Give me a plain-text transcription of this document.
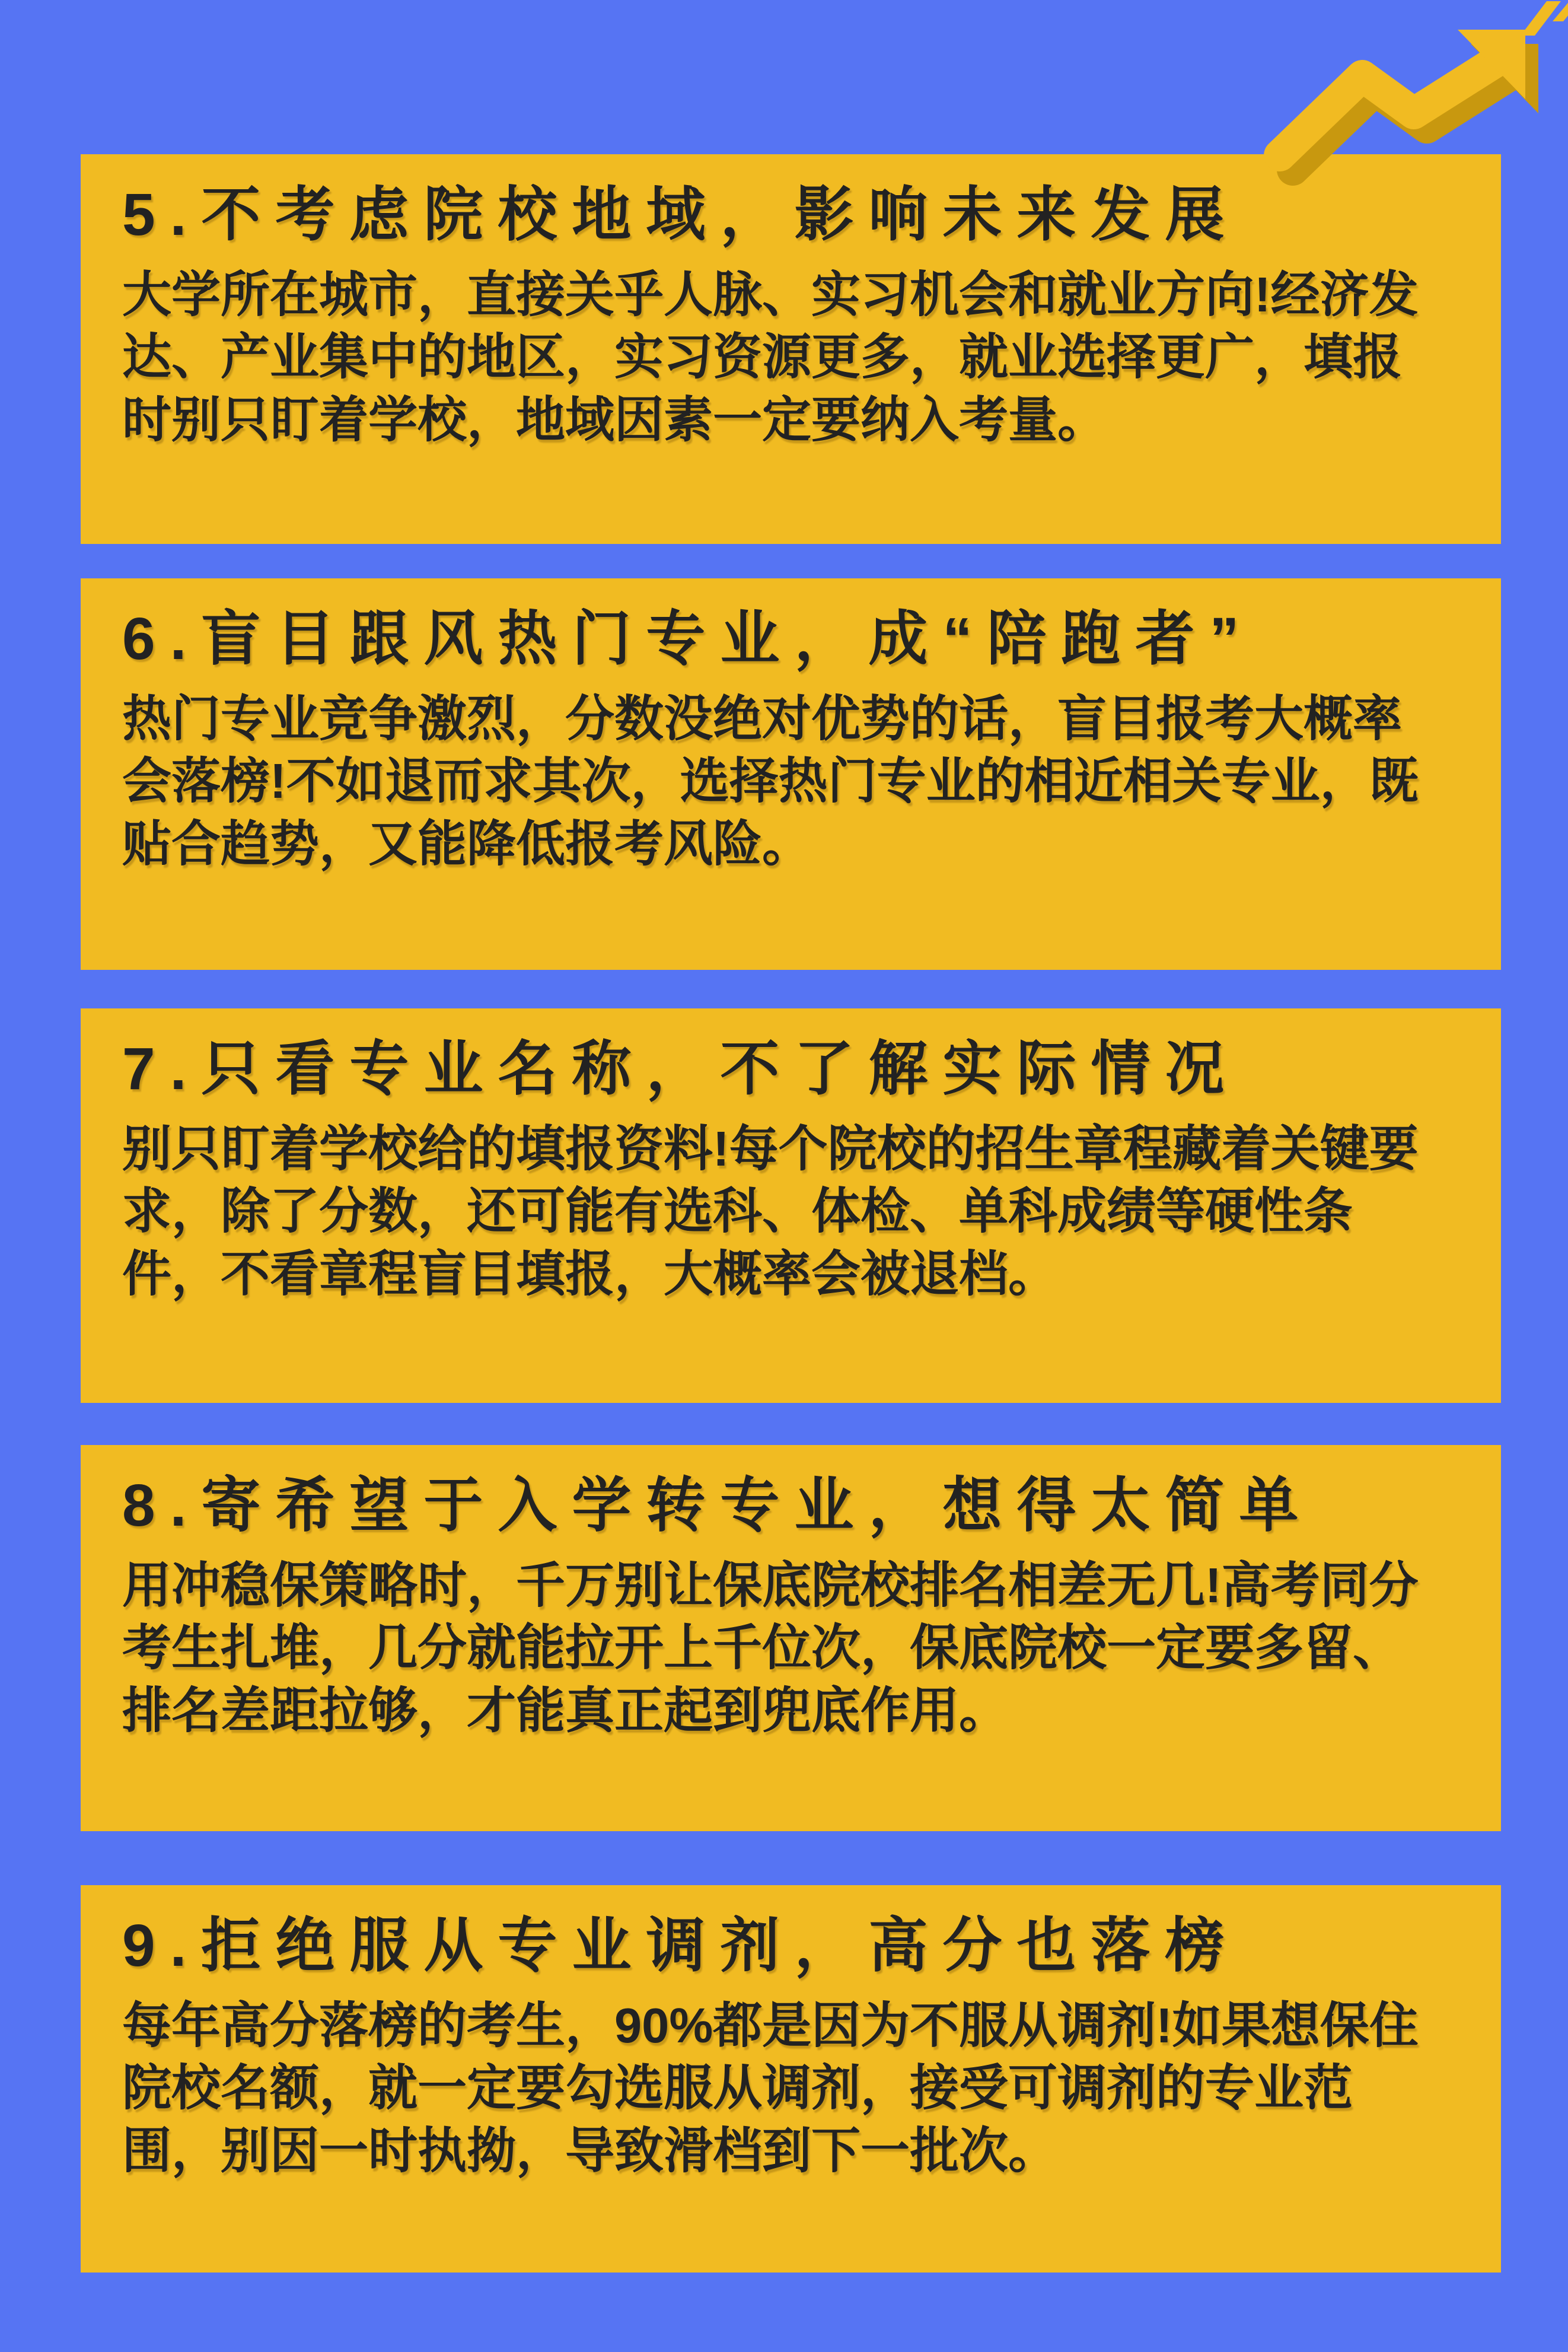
5.不考虑院校地域，影响未来发展

大学所在城市，直接关乎人脉、实习机会和就业方向!经济发达、产业集中的地区，实习资源更多，就业选择更广，填报时别只盯着学校，地域因素一定要纳入考量。

6.盲目跟风热门专业，成“陪跑者”

热门专业竞争激烈，分数没绝对优势的话，盲目报考大概率会落榜!不如退而求其次，选择热门专业的相近相关专业，既贴合趋势，又能降低报考风险。

7.只看专业名称，不了解实际情况

别只盯着学校给的填报资料!每个院校的招生章程藏着关键要求，除了分数，还可能有选科、体检、单科成绩等硬性条件，不看章程盲目填报，大概率会被退档。

8.寄希望于入学转专业，想得太简单

用冲稳保策略时，千万别让保底院校排名相差无几!高考同分考生扎堆，几分就能拉开上千位次，保底院校一定要多留、排名差距拉够，才能真正起到兜底作用。

9.拒绝服从专业调剂，高分也落榜

每年高分落榜的考生，90%都是因为不服从调剂!如果想保住院校名额，就一定要勾选服从调剂，接受可调剂的专业范围，别因一时执拗，导致滑档到下一批次。
